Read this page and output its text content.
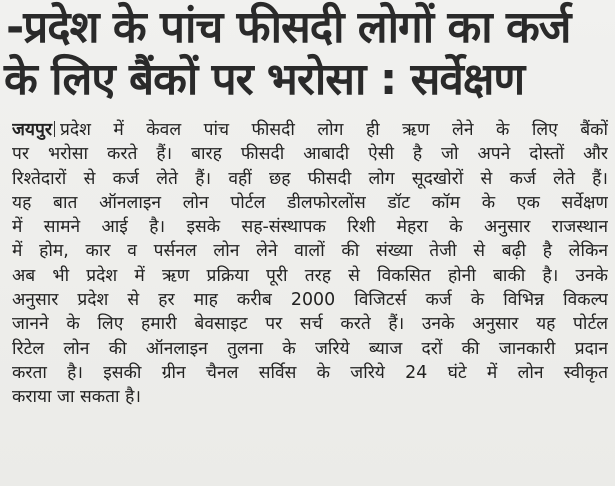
-प्रदेश के पांच फीसदी लोगों का कर्ज
के लिए बैंकों पर भरोसा : सर्वेक्षण
जयपुर प्रदेश में केवल पांच फीसदी लोग ही ऋण लेने के लिए बैंकों
पर भरोसा करते हैं। बारह फीसदी आबादी ऐसी है जो अपने दोस्तों और
रिश्तेदारों से कर्ज लेते हैं। वहीं छह फीसदी लोग सूदखोरों से कर्ज लेते हैं।
यह बात ऑनलाइन लोन पोर्टल डीलफोरलोंस डॉट कॉम के एक सर्वेक्षण
में सामने आई है। इसके सह-संस्थापक रिशी मेहरा के अनुसार राजस्थान
में होम, कार व पर्सनल लोन लेने वालों की संख्या तेजी से बढ़ी है लेकिन
अब भी प्रदेश में ऋण प्रक्रिया पूरी तरह से विकसित होनी बाकी है। उनके
अनुसार प्रदेश से हर माह करीब 2000 विजिटर्स कर्ज के विभिन्न विकल्प
जानने के लिए हमारी बेवसाइट पर सर्च करते हैं। उनके अनुसार यह पोर्टल
रिटेल लोन की ऑनलाइन तुलना के जरिये ब्याज दरों की जानकारी प्रदान
करता है। इसकी ग्रीन चैनल सर्विस के जरिये 24 घंटे में लोन स्वीकृत
कराया जा सकता है।
